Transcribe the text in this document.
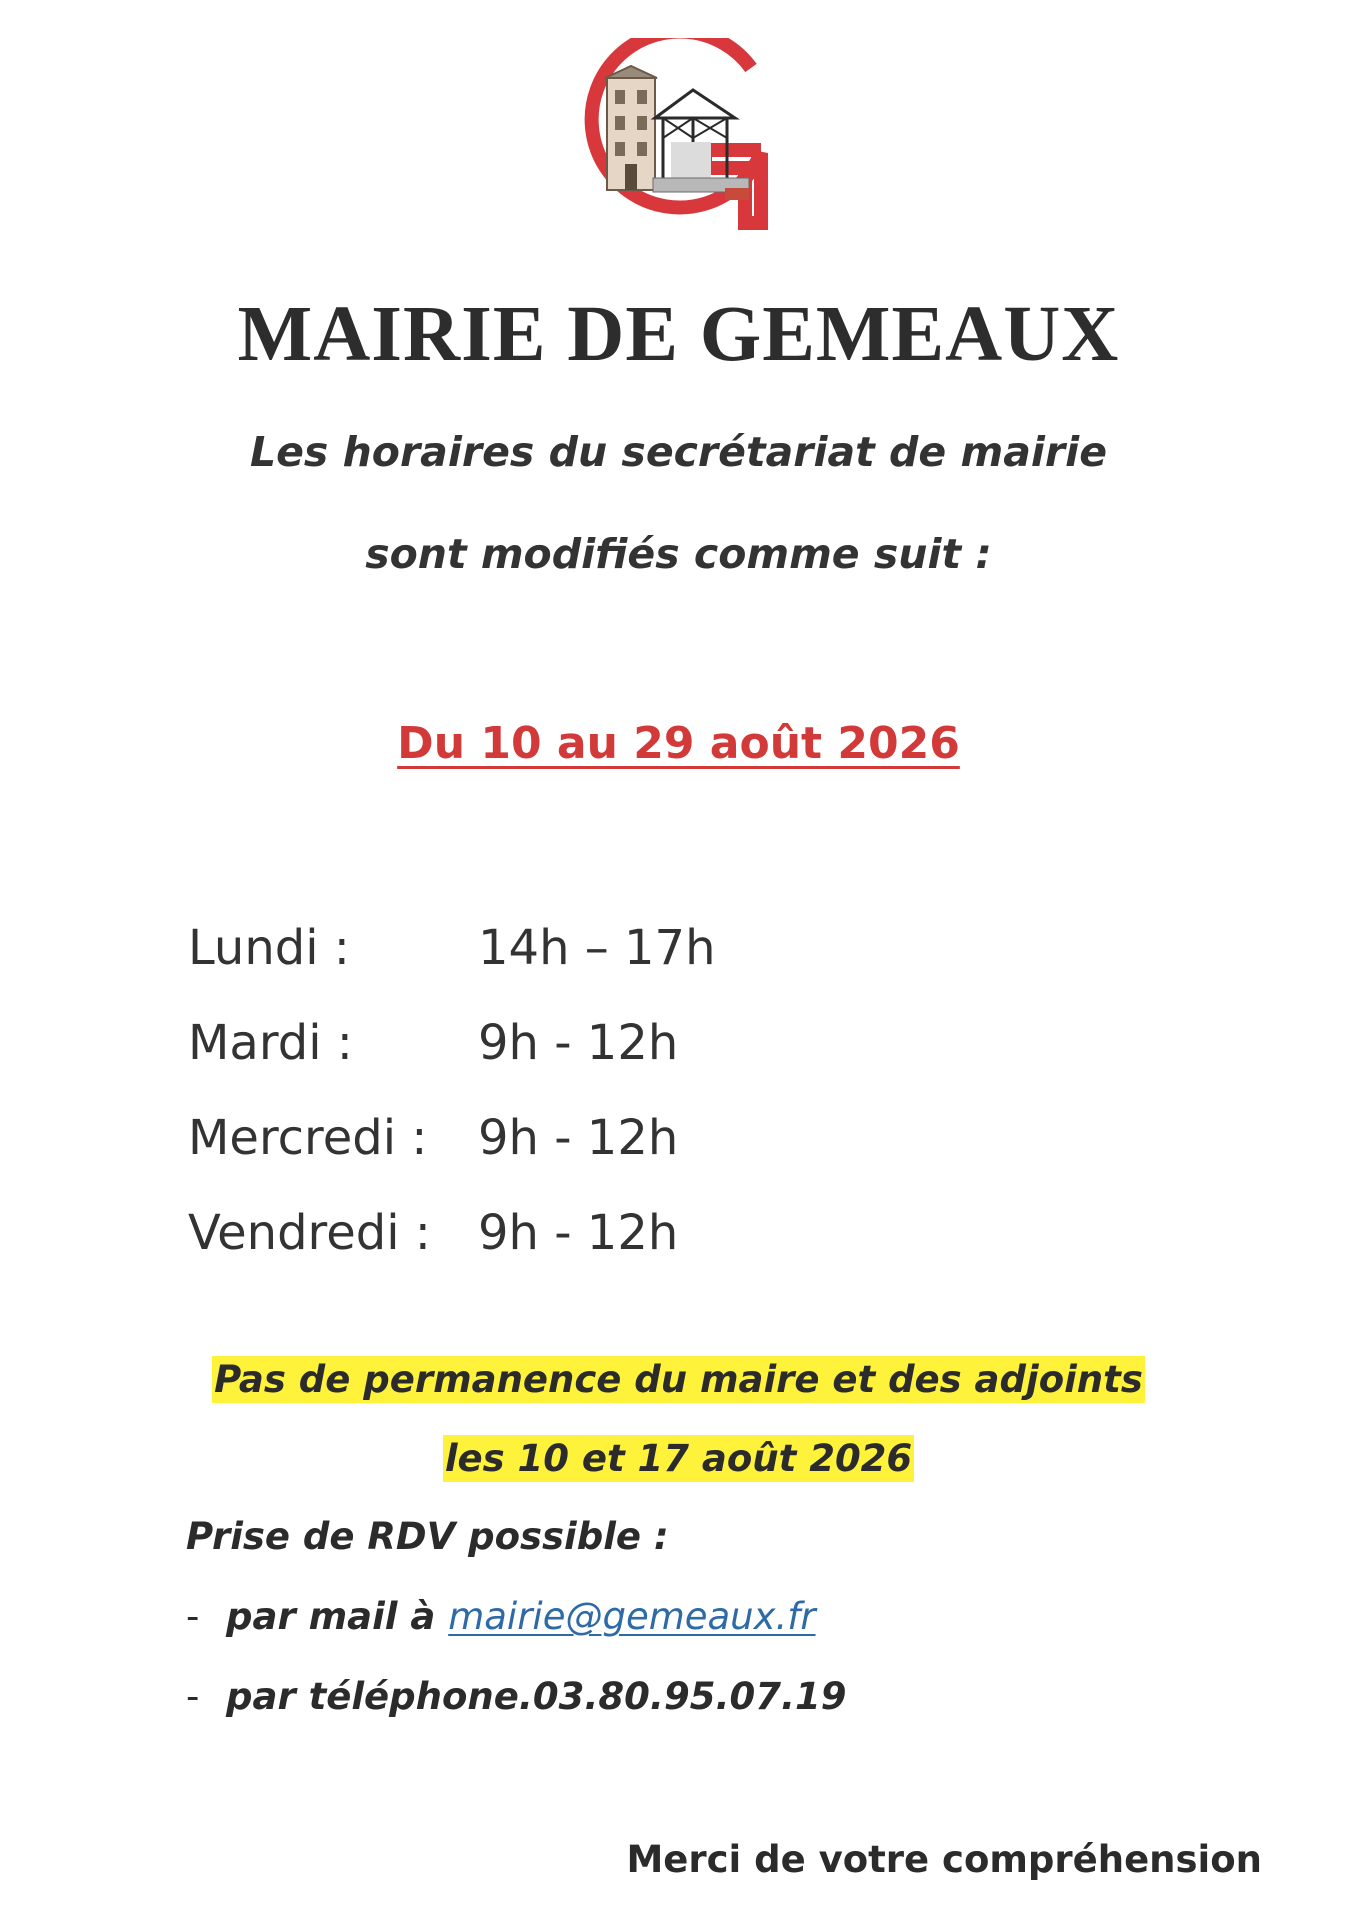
MAIRIE DE GEMEAUX
Les horaires du secrétariat de mairie
sont modifiés comme suit :
Du 10 au 29 août 2026
Lundi :	14h – 17h
Mardi :	9h - 12h
Mercredi :	9h - 12h
Vendredi : 9h - 12h
Pas de permanence du maire et des adjoints
les 10 et 17 août 2026
Prise de RDV possible :
- par mail à mairie@gemeaux.fr
- par téléphone.03.80.95.07.19
Merci de votre compréhension
